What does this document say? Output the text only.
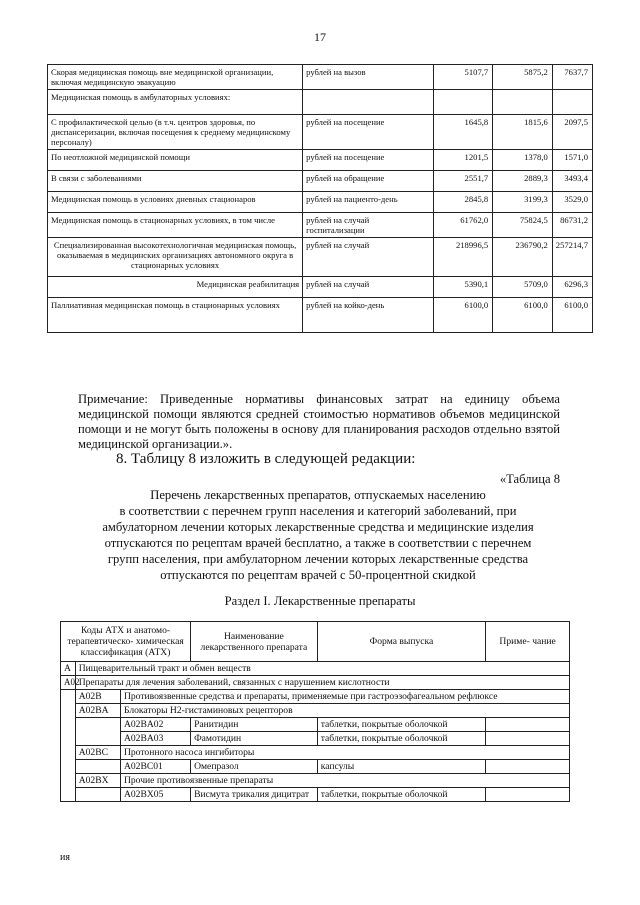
17
Скорая медицинская помощь вне медицинской организации, включая медицинскую эвакуацию	рублей на вызов	5107,7	5875,2	7637,7
Медицинская помощь в амбулаторных условиях:				
С профилактической целью (в т.ч. центров здоровья, по диспансеризации, включая посещения к среднему медицинскому персоналу)	рублей на посещение	1645,8	1815,6	2097,5
По неотложной медицинской помощи	рублей на посещение	1201,5	1378,0	1571,0
В связи с заболеваниями	рублей на обращение	2551,7	2889,3	3493,4
Медицинская помощь в условиях дневных стационаров	рублей на пациенто-день	2845,8	3199,3	3529,0
Медицинская помощь в стационарных условиях, в том числе	рублей на случай госпитализации	61762,0	75824,5	86731,2
Специализированная высокотехнологичная медицинская помощь, оказываемая в медицинских организациях автономного округа в стационарных условиях	рублей на случай	218996,5	236790,2	257214,7
Медицинская реабилитация	рублей на случай	5390,1	5709,0	6296,3
Паллиативная медицинская помощь в стационарных условиях	рублей на койко-день	6100,0	6100,0	6100,0
Примечание: Приведенные нормативы финансовых затрат на единицу объема медицинской помощи являются средней стоимостью нормативов объемов медицинской помощи и не могут быть положены в основу для планирования расходов отдельно взятой медицинской организации.».
8. Таблицу 8 изложить в следующей редакции:
«Таблица 8
Перечень лекарственных препаратов, отпускаемых населению
в соответствии с перечнем групп населения и категорий заболеваний, при
амбулаторном лечении которых лекарственные средства и медицинские изделия
отпускаются по рецептам врачей бесплатно, а также в соответствии с перечнем
групп населения, при амбулаторном лечении которых лекарственные средства
отпускаются по рецептам врачей с 50-процентной скидкой
Раздел I. Лекарственные препараты
Коды АТХ и анатомо-терапевтическо- химическая классификация (АТХ)			Наименование лекарственного препарата	Форма выпуска	Приме- чание
A	Пищеварительный тракт и обмен веществ				
A02	Препараты для лечения заболеваний, связанных с нарушением кислотности				
	A02B	Противоязвенные средства и препараты, применяемые при гастроэзофагеальном рефлюксе			
	A02BA	Блокаторы Н2-гистаминовых рецепторов			
		A02BA02	Ранитидин	таблетки, покрытые оболочкой	
		A02BA03	Фамотидин	таблетки, покрытые оболочкой	
	A02BC	Протонного насоса ингибиторы			
		A02BC01	Омепразол	капсулы	
	A02BX	Прочие противоязвенные препараты			
		A02BX05	Висмута трикалия дицитрат	таблетки, покрытые оболочкой	
ия
